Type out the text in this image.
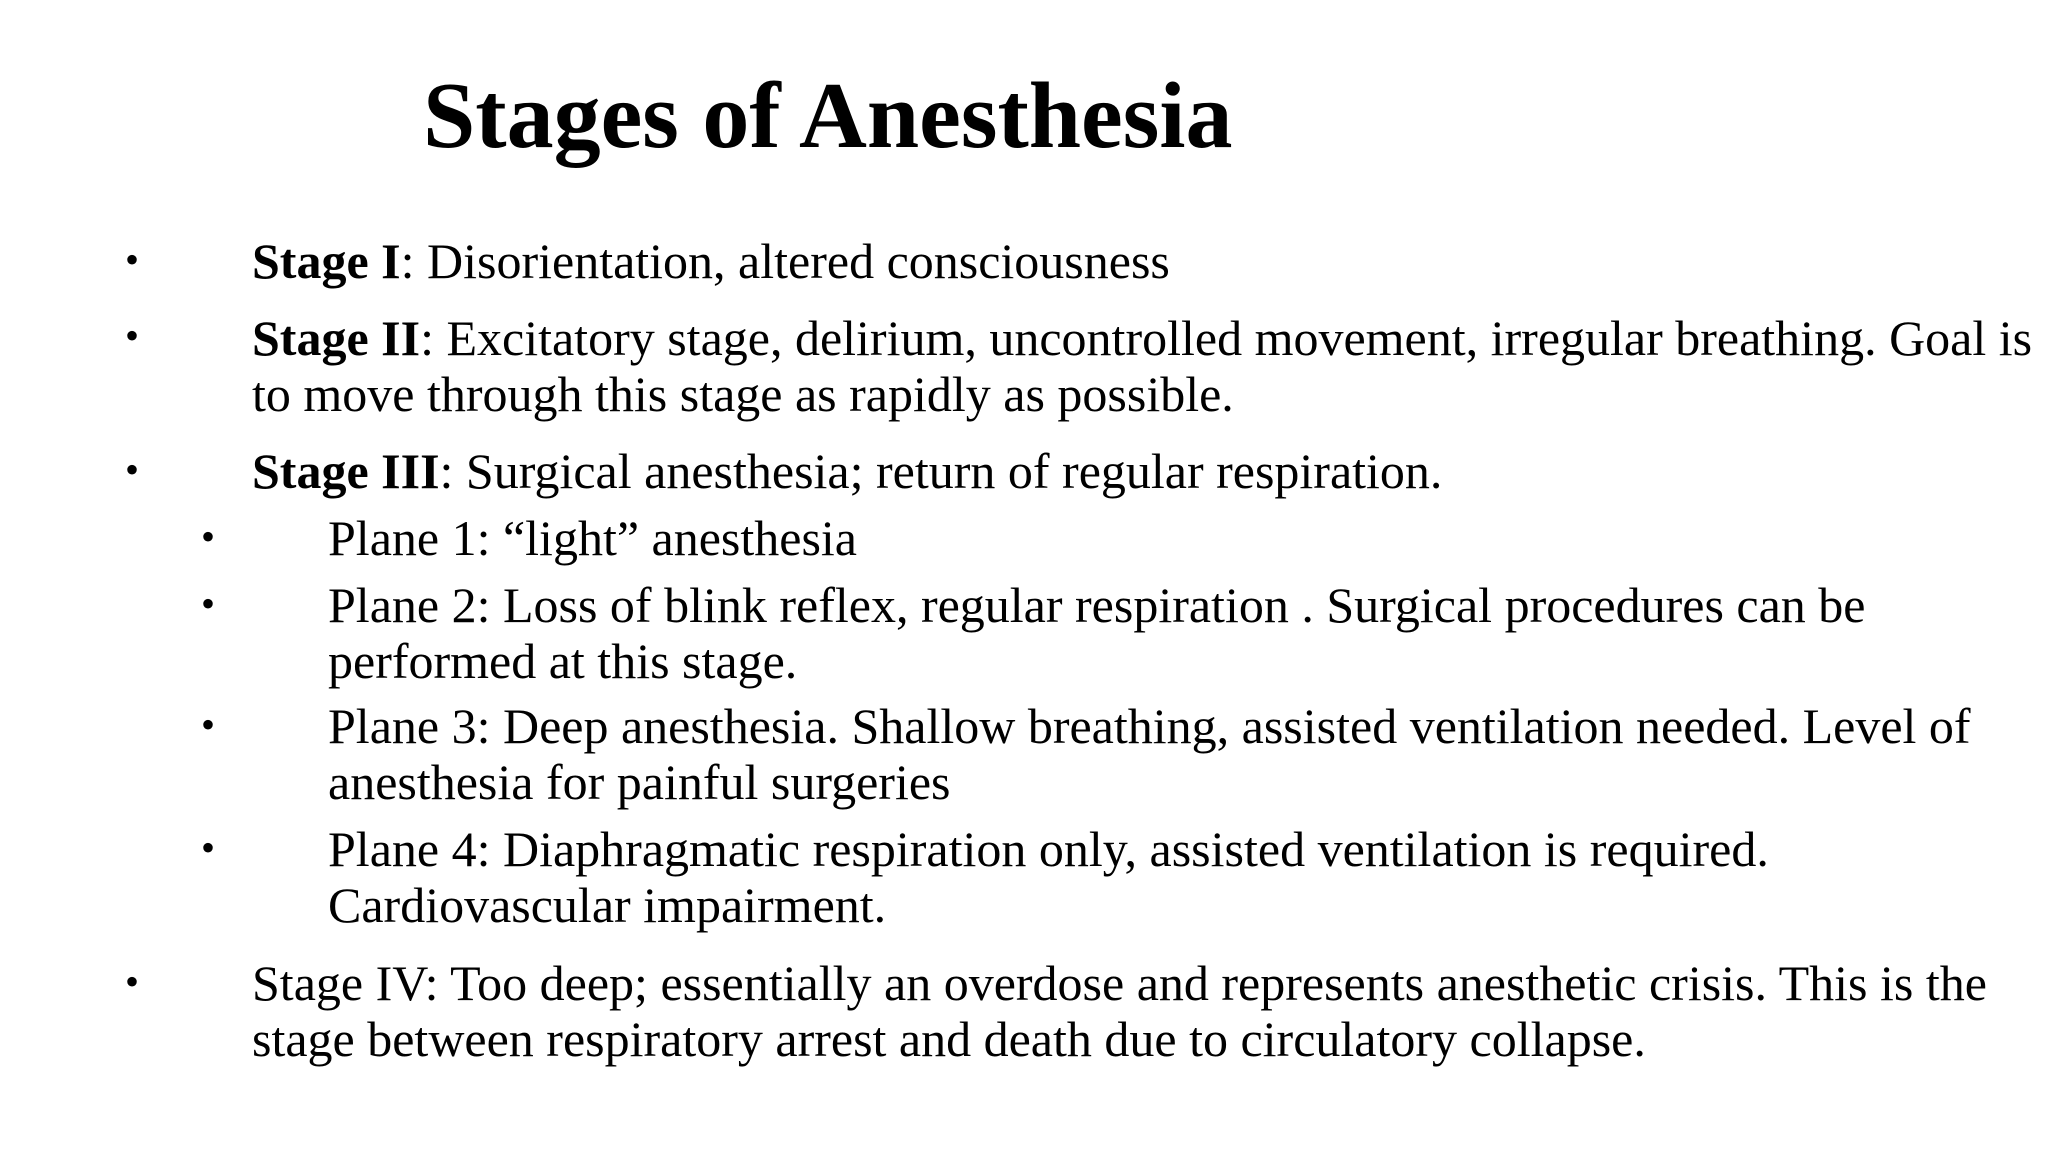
Stages of Anesthesia
• Stage I: Disorientation, altered consciousness

• Stage II: Excitatory stage, delirium, uncontrolled movement, irregular breathing. Goal is to move through this stage as rapidly as possible.

• Stage III: Surgical anesthesia; return of regular respiration.

• Plane 1: “light” anesthesia

• Plane 2: Loss of blink reflex, regular respiration . Surgical procedures can be performed at this stage.

• Plane 3: Deep anesthesia. Shallow breathing, assisted ventilation needed. Level of anesthesia for painful surgeries

• Plane 4: Diaphragmatic respiration only, assisted ventilation is required. Cardiovascular impairment.

• Stage IV: Too deep; essentially an overdose and represents anesthetic crisis. This is the stage between respiratory arrest and death due to circulatory collapse.
